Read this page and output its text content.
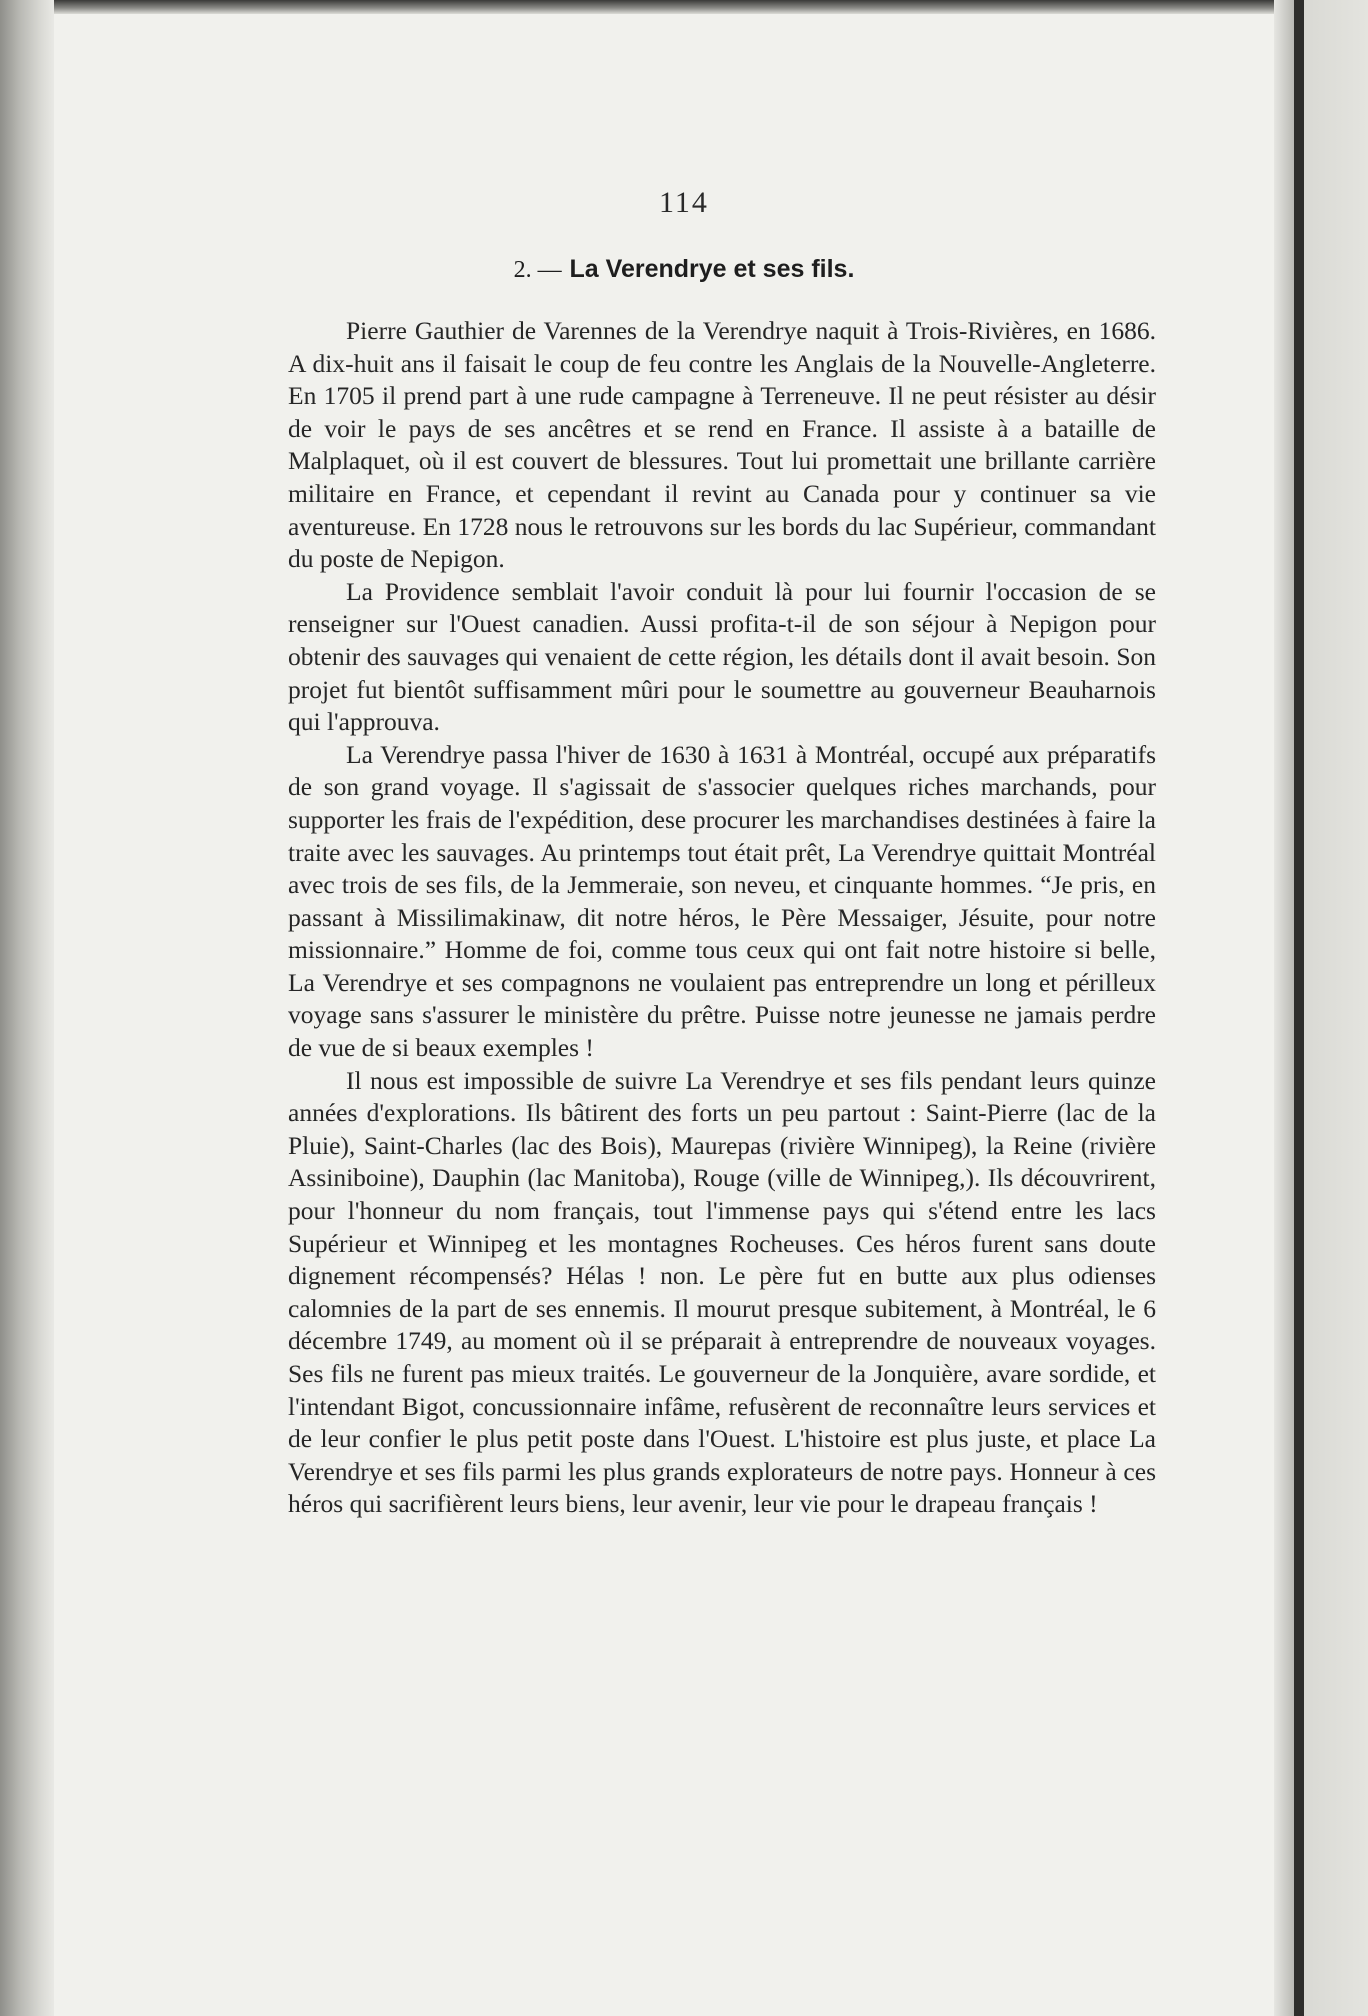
114
2. — La Verendrye et ses fils.

Pierre Gauthier de Varennes de la Verendrye naquit à Trois-Rivières, en 1686. A dix-huit ans il faisait le coup de feu contre les Anglais de la Nouvelle-Angleterre. En 1705 il prend part à une rude campagne à Terreneuve. Il ne peut résister au désir de voir le pays de ses ancêtres et se rend en France. Il assiste à a bataille de Malplaquet, où il est couvert de blessures. Tout lui promettait une brillante carrière militaire en France, et cependant il revint au Canada pour y continuer sa vie aventureuse. En 1728 nous le retrouvons sur les bords du lac Supérieur, commandant du poste de Nepigon.

La Providence semblait l'avoir conduit là pour lui fournir l'occasion de se renseigner sur l'Ouest canadien. Aussi profita-t-il de son séjour à Nepigon pour obtenir des sauvages qui venaient de cette région, les détails dont il avait besoin. Son projet fut bientôt suffisamment mûri pour le soumettre au gouverneur Beauharnois qui l'approuva.

La Verendrye passa l'hiver de 1630 à 1631 à Montréal, occupé aux préparatifs de son grand voyage. Il s'agissait de s'associer quelques riches marchands, pour supporter les frais de l'expédition, dese procurer les marchandises destinées à faire la traite avec les sauvages. Au printemps tout était prêt, La Verendrye quittait Montréal avec trois de ses fils, de la Jemmeraie, son neveu, et cinquante hommes. “Je pris, en passant à Missilimakinaw, dit notre héros, le Père Messaiger, Jésuite, pour notre missionnaire.” Homme de foi, comme tous ceux qui ont fait notre histoire si belle, La Verendrye et ses compagnons ne voulaient pas entreprendre un long et périlleux voyage sans s'assurer le ministère du prêtre. Puisse notre jeunesse ne jamais perdre de vue de si beaux exemples !

Il nous est impossible de suivre La Verendrye et ses fils pendant leurs quinze années d'explorations. Ils bâtirent des forts un peu partout : Saint-Pierre (lac de la Pluie), Saint-Charles (lac des Bois), Maurepas (rivière Winnipeg), la Reine (rivière Assiniboine), Dauphin (lac Manitoba), Rouge (ville de Winnipeg,). Ils découvrirent, pour l'honneur du nom français, tout l'immense pays qui s'étend entre les lacs Supérieur et Winnipeg et les montagnes Rocheuses. Ces héros furent sans doute dignement récompensés? Hélas ! non. Le père fut en butte aux plus odienses calomnies de la part de ses ennemis. Il mourut presque subitement, à Montréal, le 6 décembre 1749, au moment où il se préparait à entreprendre de nouveaux voyages. Ses fils ne furent pas mieux traités. Le gouverneur de la Jonquière, avare sordide, et l'intendant Bigot, concussionnaire infâme, refusèrent de reconnaître leurs services et de leur confier le plus petit poste dans l'Ouest. L'histoire est plus juste, et place La Verendrye et ses fils parmi les plus grands explorateurs de notre pays. Honneur à ces héros qui sacrifièrent leurs biens, leur avenir, leur vie pour le drapeau français !
